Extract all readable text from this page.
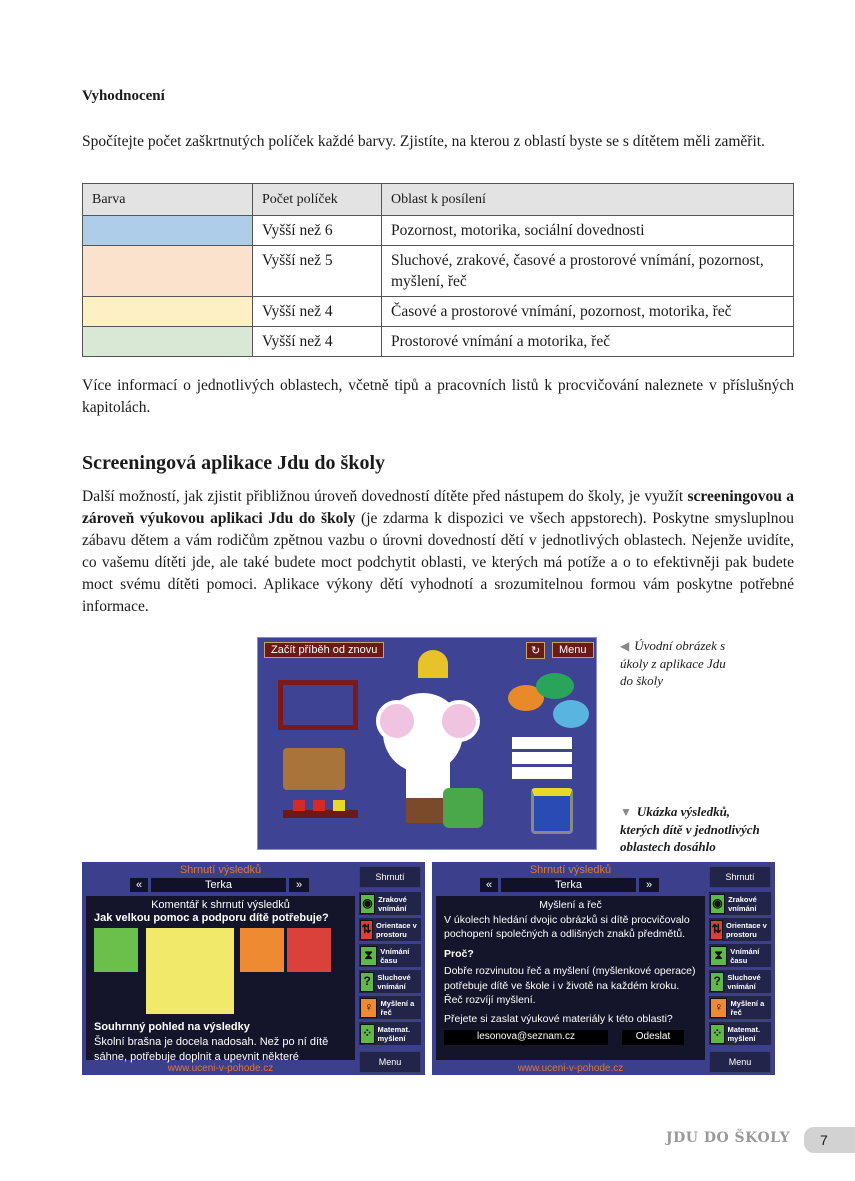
Vyhodnocení

Spočítejte počet zaškrtnutých políček každé barvy. Zjistíte, na kterou z oblastí byste se s dítětem měli zaměřit.

Barva	Počet políček	Oblast k posílení
	Vyšší než 6	Pozornost, motorika, sociální dovednosti
	Vyšší než 5	Sluchové, zrakové, časové a prostorové vnímání, pozornost, myšlení, řeč
	Vyšší než 4	Časové a prostorové vnímání, pozornost, motorika, řeč
	Vyšší než 4	Prostorové vnímání a motorika, řeč

Více informací o jednotlivých oblastech, včetně tipů a pracovních listů k procvičování naleznete v příslušných kapitolách.

Screeningová aplikace Jdu do školy

Další možností, jak zjistit přibližnou úroveň dovedností dítěte před nástupem do školy, je využít screeningovou a zároveň výukovou aplikaci Jdu do školy (je zdarma k dispozici ve všech appstorech). Poskytne smysluplnou zábavu dětem a vám rodičům zpětnou vazbu o úrovni dovedností dětí v jednotlivých oblastech. Nejenže uvidíte, co vašemu dítěti jde, ale také budete moct podchytit oblasti, ve kterých má potíže a o to efektivněji pak budete moct svému dítěti pomoci. Aplikace výkony dětí vyhodnotí a srozumitelnou formou vám poskytne potřebné informace.

Začít příběh od znovu	↻	Menu	◀ Úvodní obrázek s úkoly z aplikace Jdu do školy

▼ Ukázka výsledků, kterých dítě v jednotlivých oblastech dosáhlo

Shrnutí výsledků
«	Terka	»
Komentář k shrnutí výsledků
Jak velkou pomoc a podporu dítě potřebuje?
Souhrnný pohled na výsledky
Školní brašna je docela nadosah. Než po ní dítě sáhne, potřebuje doplnit a upevnit některé
www.uceni-v-pohode.cz
Shrnutí
◉ Zrakové vnímání
⇅ Orientace v prostoru
⧗ Vnímání času
? Sluchové vnímání
♀ Myšlení a řeč
⁘ Matemat. myšlení
Menu
Shrnutí výsledků
«	Terka	»
Myšlení a řeč
V úkolech hledání dvojic obrázků si dítě procvičovalo pochopení společných a odlišných znaků předmětů.
Proč?
Dobře rozvinutou řeč a myšlení (myšlenkové operace) potřebuje dítě ve škole i v životě na každém kroku. Řeč rozvíjí myšlení.
Přejete si zaslat výukové materiály k této oblasti?
lesonova@seznam.cz	Odeslat
www.uceni-v-pohode.cz
Shrnutí
◉ Zrakové vnímání
⇅ Orientace v prostoru
⧗ Vnímání času
? Sluchové vnímání
♀ Myšlení a řeč
⁘ Matemat. myšlení
Menu
JDU DO ŠKOLY	7
